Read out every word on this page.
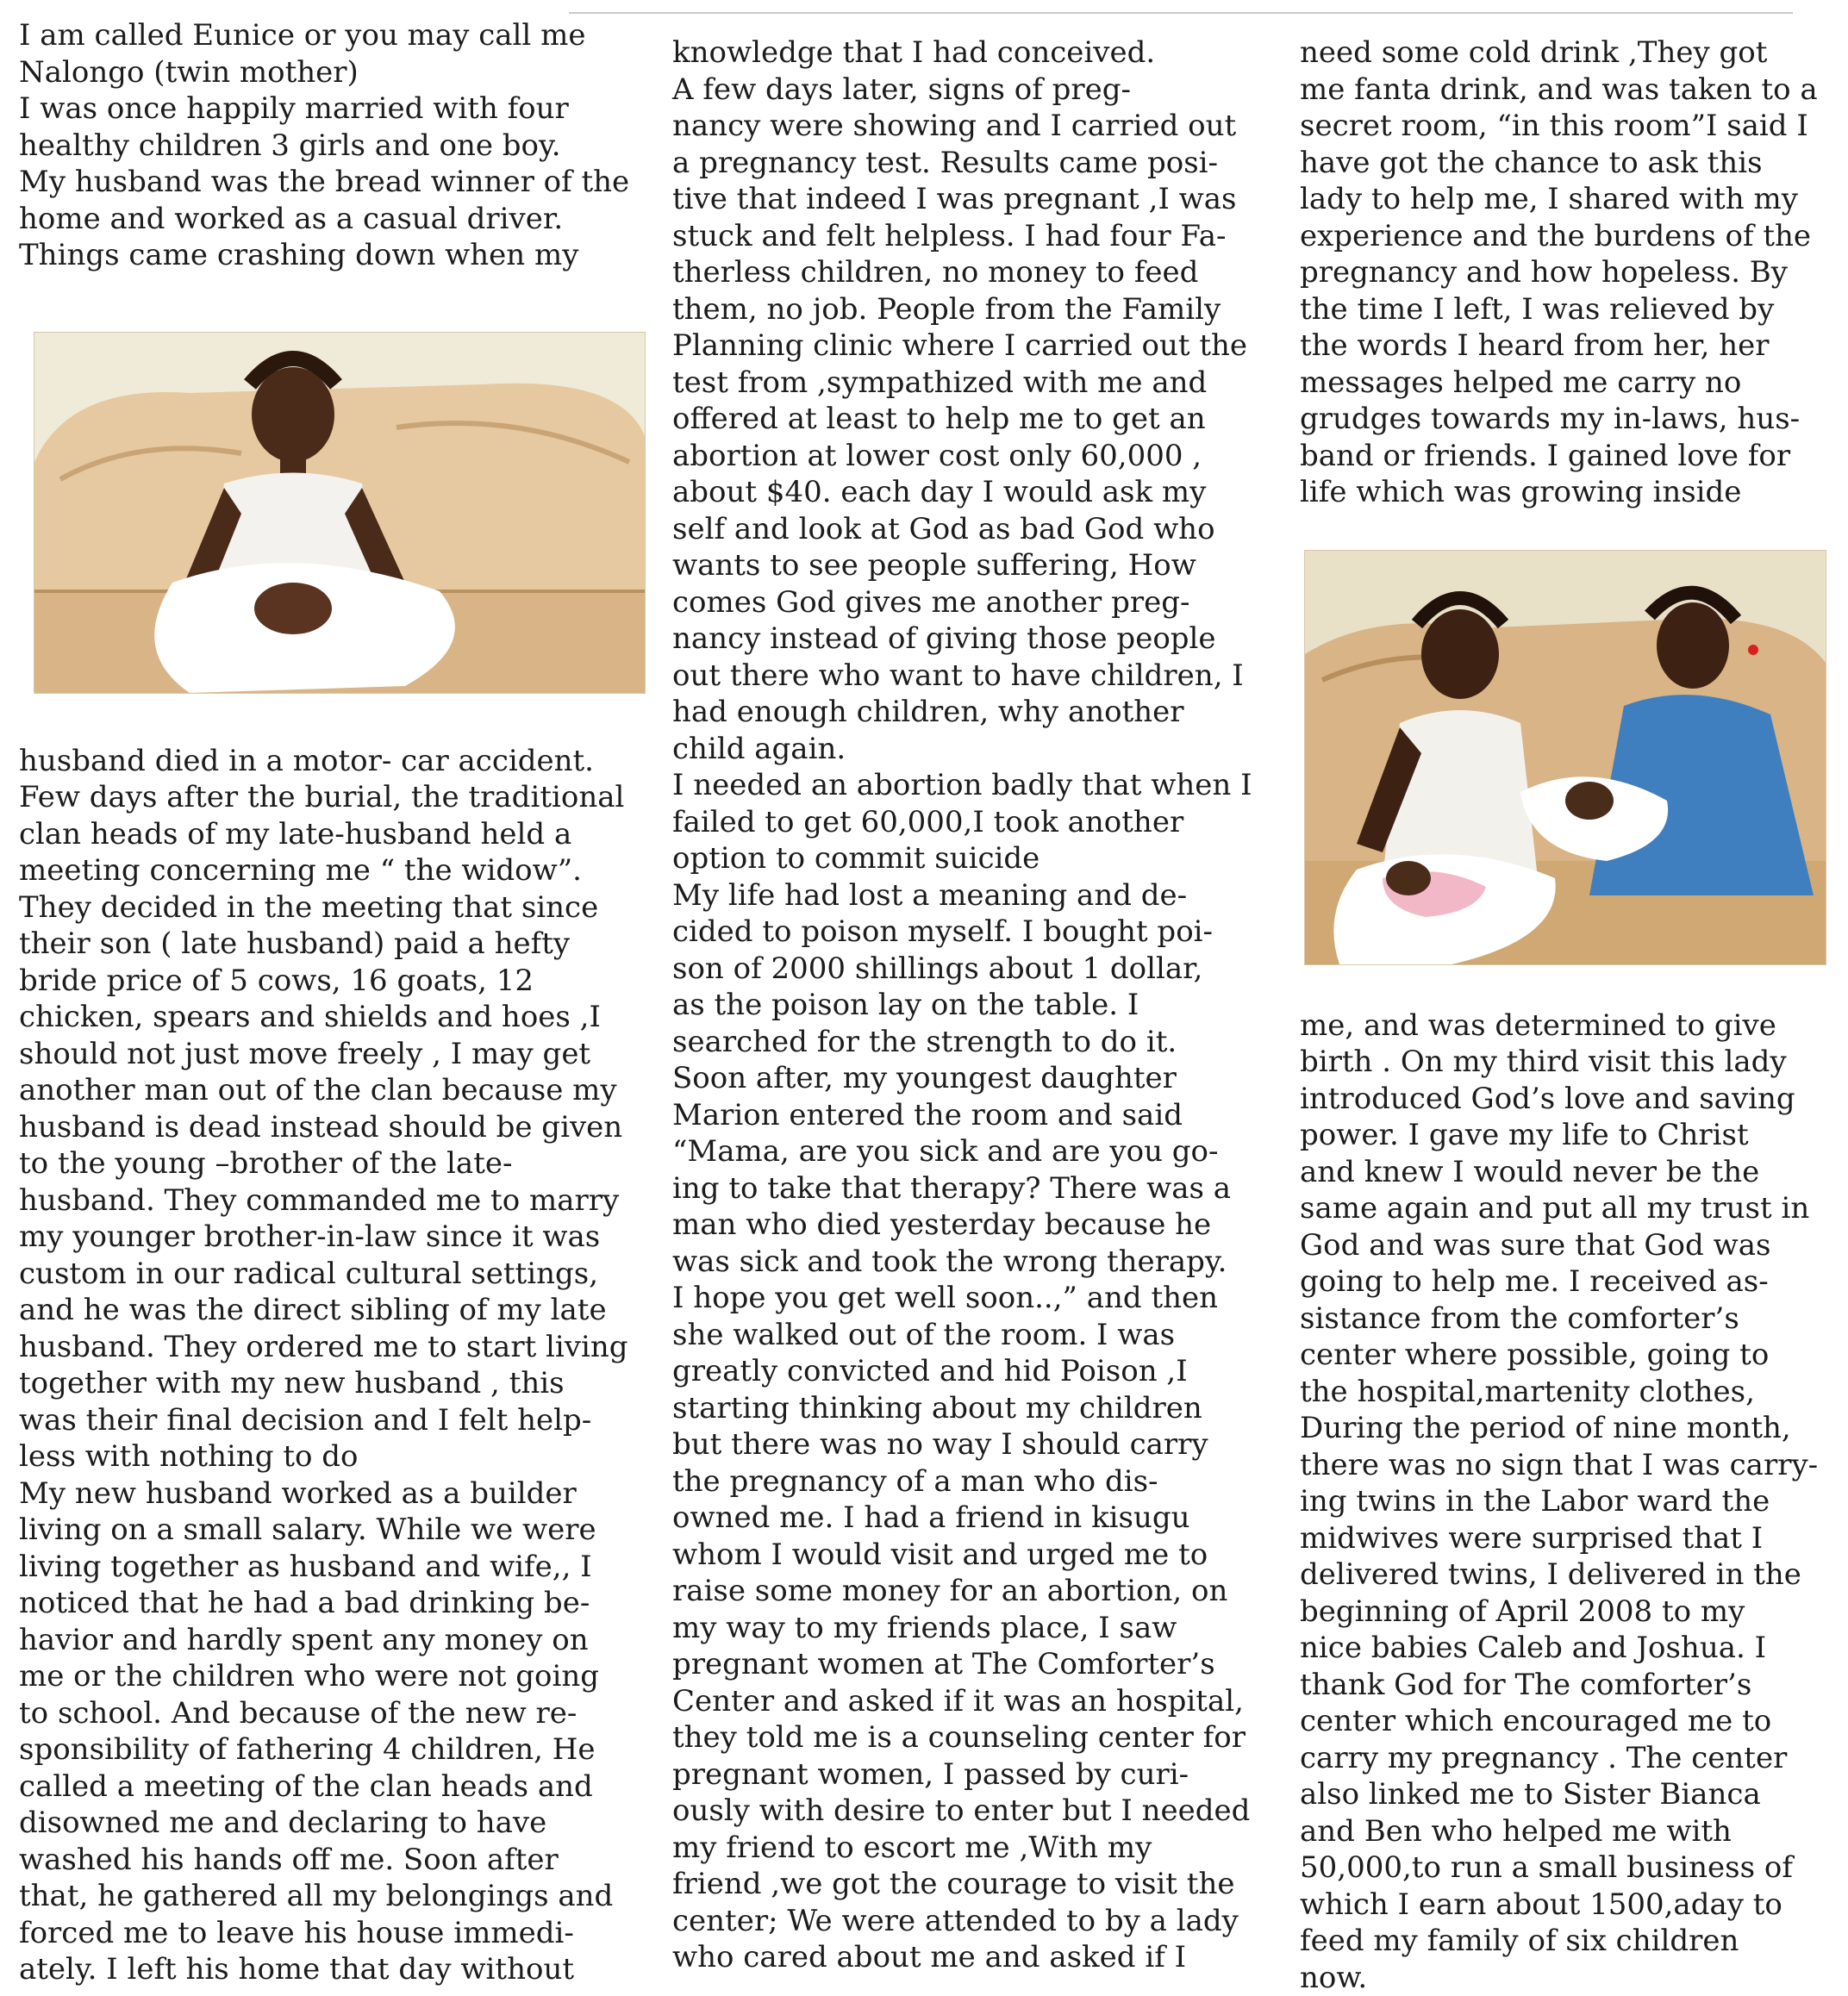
I am called Eunice or you may call me
Nalongo (twin mother)
I was once happily married with four
healthy children 3 girls and one boy.
My husband was the bread winner of the
home and worked as a casual driver.
Things came crashing down when my

husband died in a motor- car accident.
Few days after the burial, the traditional
clan heads of my late-husband held a
meeting concerning me “ the widow”.
They decided in the meeting that since
their son ( late husband) paid a hefty
bride price of 5 cows, 16 goats, 12
chicken, spears and shields and hoes ,I
should not just move freely , I may get
another man out of the clan because my
husband is dead instead should be given
to the young –brother of the late-
husband. They commanded me to marry
my younger brother-in-law since it was
custom in our radical cultural settings,
and he was the direct sibling of my late
husband. They ordered me to start living
together with my new husband , this
was their final decision and I felt help-
less with nothing to do
My new husband worked as a builder
living on a small salary. While we were
living together as husband and wife,, I
noticed that he had a bad drinking be-
havior and hardly spent any money on
me or the children who were not going
to school. And because of the new re-
sponsibility of fathering 4 children, He
called a meeting of the clan heads and
disowned me and declaring to have
washed his hands off me. Soon after
that, he gathered all my belongings and
forced me to leave his house immedi-
ately. I left his home that day without

knowledge that I had conceived.
A few days later, signs of preg-
nancy were showing and I carried out
a pregnancy test. Results came posi-
tive that indeed I was pregnant ,I was
stuck and felt helpless. I had four Fa-
therless children, no money to feed
them, no job. People from the Family
Planning clinic where I carried out the
test from ,sympathized with me and
offered at least to help me to get an
abortion at lower cost only 60,000 ,
about $40. each day I would ask my
self and look at God as bad God who
wants to see people suffering, How
comes God gives me another preg-
nancy instead of giving those people
out there who want to have children, I
had enough children, why another
child again.
I needed an abortion badly that when I
failed to get 60,000,I took another
option to commit suicide
My life had lost a meaning and de-
cided to poison myself. I bought poi-
son of 2000 shillings about 1 dollar,
as the poison lay on the table. I
searched for the strength to do it.
Soon after, my youngest daughter
Marion entered the room and said
“Mama, are you sick and are you go-
ing to take that therapy? There was a
man who died yesterday because he
was sick and took the wrong therapy.
I hope you get well soon..,” and then
she walked out of the room. I was
greatly convicted and hid Poison ,I
starting thinking about my children
but there was no way I should carry
the pregnancy of a man who dis-
owned me. I had a friend in kisugu
whom I would visit and urged me to
raise some money for an abortion, on
my way to my friends place, I saw
pregnant women at The Comforter’s
Center and asked if it was an hospital,
they told me is a counseling center for
pregnant women, I passed by curi-
ously with desire to enter but I needed
my friend to escort me ,With my
friend ,we got the courage to visit the
center; We were attended to by a lady
who cared about me and asked if I

need some cold drink ,They got
me fanta drink, and was taken to a
secret room, “in this room”I said I
have got the chance to ask this
lady to help me, I shared with my
experience and the burdens of the
pregnancy and how hopeless. By
the time I left, I was relieved by
the words I heard from her, her
messages helped me carry no
grudges towards my in-laws, hus-
band or friends. I gained love for
life which was growing inside

me, and was determined to give
birth . On my third visit this lady
introduced God’s love and saving
power. I gave my life to Christ
and knew I would never be the
same again and put all my trust in
God and was sure that God was
going to help me. I received as-
sistance from the comforter’s
center where possible, going to
the hospital,martenity clothes,
During the period of nine month,
there was no sign that I was carry-
ing twins in the Labor ward the
midwives were surprised that I
delivered twins, I delivered in the
beginning of April 2008 to my
nice babies Caleb and Joshua. I
thank God for The comforter’s
center which encouraged me to
carry my pregnancy . The center
also linked me to Sister Bianca
and Ben who helped me with
50,000,to run a small business of
which I earn about 1500,aday to
feed my family of six children
now.
